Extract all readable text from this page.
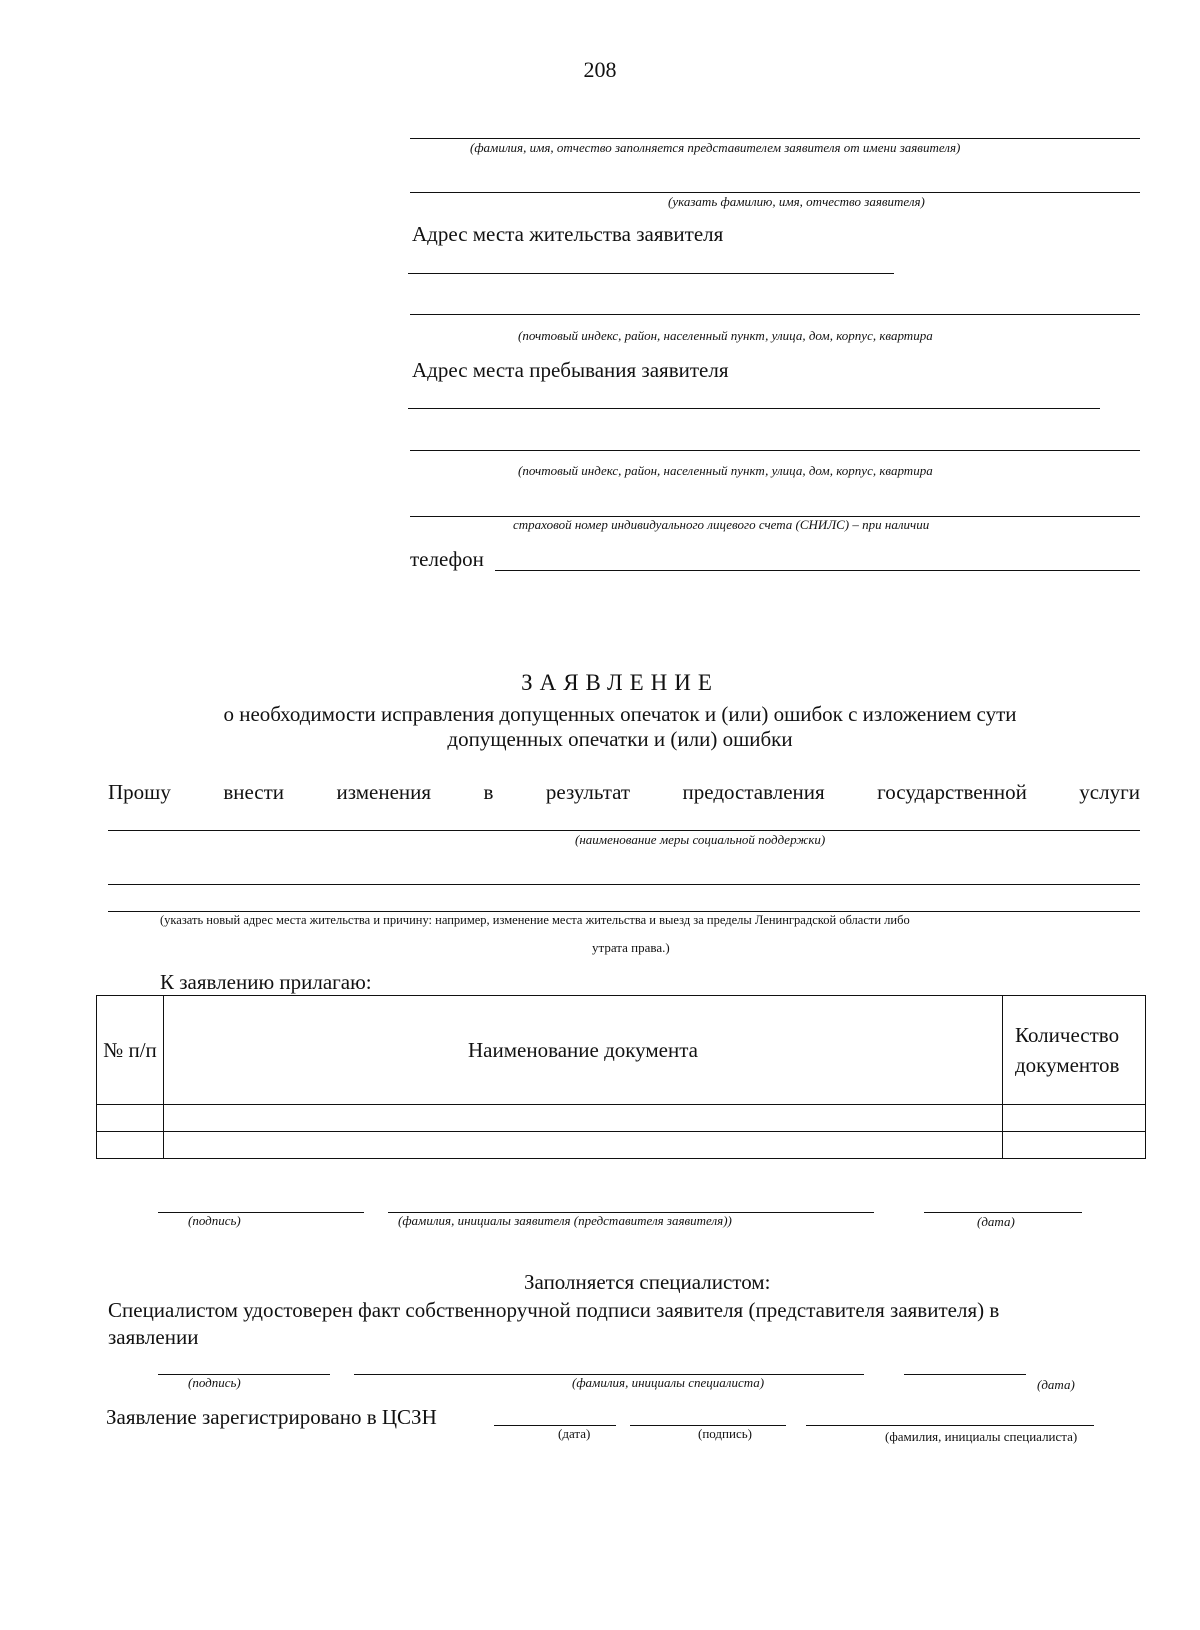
208
(фамилия, имя, отчество заполняется представителем заявителя от имени заявителя)
(указать фамилию, имя, отчество заявителя)
Адрес места жительства заявителя
(почтовый индекс, район, населенный пункт, улица, дом, корпус, квартира
Адрес места пребывания заявителя
(почтовый индекс, район, населенный пункт, улица, дом, корпус, квартира
страховой номер индивидуального лицевого счета (СНИЛС) – при наличии
телефон
ЗАЯВЛЕНИЕ
о необходимости исправления допущенных опечаток и (или) ошибок с изложением сути
допущенных опечатки и (или) ошибки
Прошу внести изменения в результат предоставления государственной услуги
(наименование меры социальной поддержки)
(указать новый адрес места жительства и причину: например, изменение места жительства и выезд за пределы Ленинградской области либо
утрата права.)
К заявлению прилагаю:
№ п/п	Наименование документа	Количество документов

(подпись)	(фамилия, инициалы заявителя (представителя заявителя))	(дата)
Заполняется специалистом:
Специалистом удостоверен факт собственноручной подписи заявителя (представителя заявителя) в заявлении
(подпись)	(фамилия, инициалы специалиста)	(дата)
Заявление зарегистрировано в ЦСЗН
(дата)	(подпись)	(фамилия, инициалы специалиста)
